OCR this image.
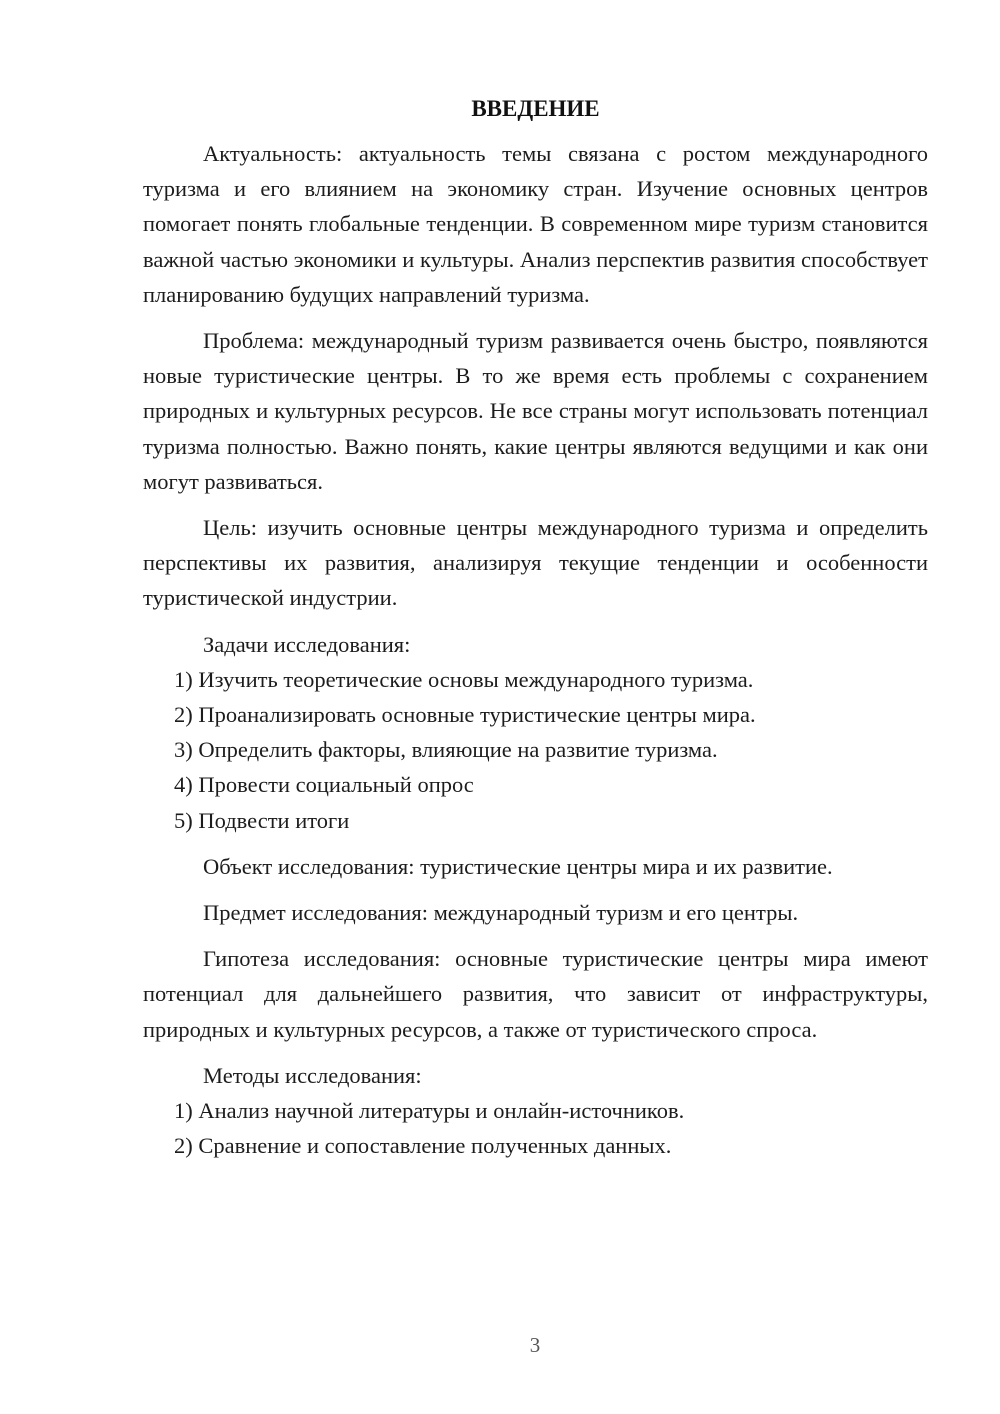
ВВЕДЕНИЕ

Актуальность: актуальность темы связана с ростом международного туризма и его влиянием на экономику стран. Изучение основных центров помогает понять глобальные тенденции. В современном мире туризм становится важной частью экономики и культуры. Анализ перспектив развития способствует планированию будущих направлений туризма.

Проблема: международный туризм развивается очень быстро, появляются новые туристические центры. В то же время есть проблемы с сохранением природных и культурных ресурсов. Не все страны могут использовать потенциал туризма полностью. Важно понять, какие центры являются ведущими и как они могут развиваться.

Цель: изучить основные центры международного туризма и определить перспективы их развития, анализируя текущие тенденции и особенности туристической индустрии.

Задачи исследования:

1) Изучить теоретические основы международного туризма.

2) Проанализировать основные туристические центры мира.

3) Определить факторы, влияющие на развитие туризма.

4) Провести социальный опрос

5) Подвести итоги

Объект исследования: туристические центры мира и их развитие.

Предмет исследования: международный туризм и его центры.

Гипотеза исследования: основные туристические центры мира имеют потенциал для дальнейшего развития, что зависит от инфраструктуры, природных и культурных ресурсов, а также от туристического спроса.

Методы исследования:

1) Анализ научной литературы и онлайн-источников.

2) Сравнение и сопоставление полученных данных.

3
